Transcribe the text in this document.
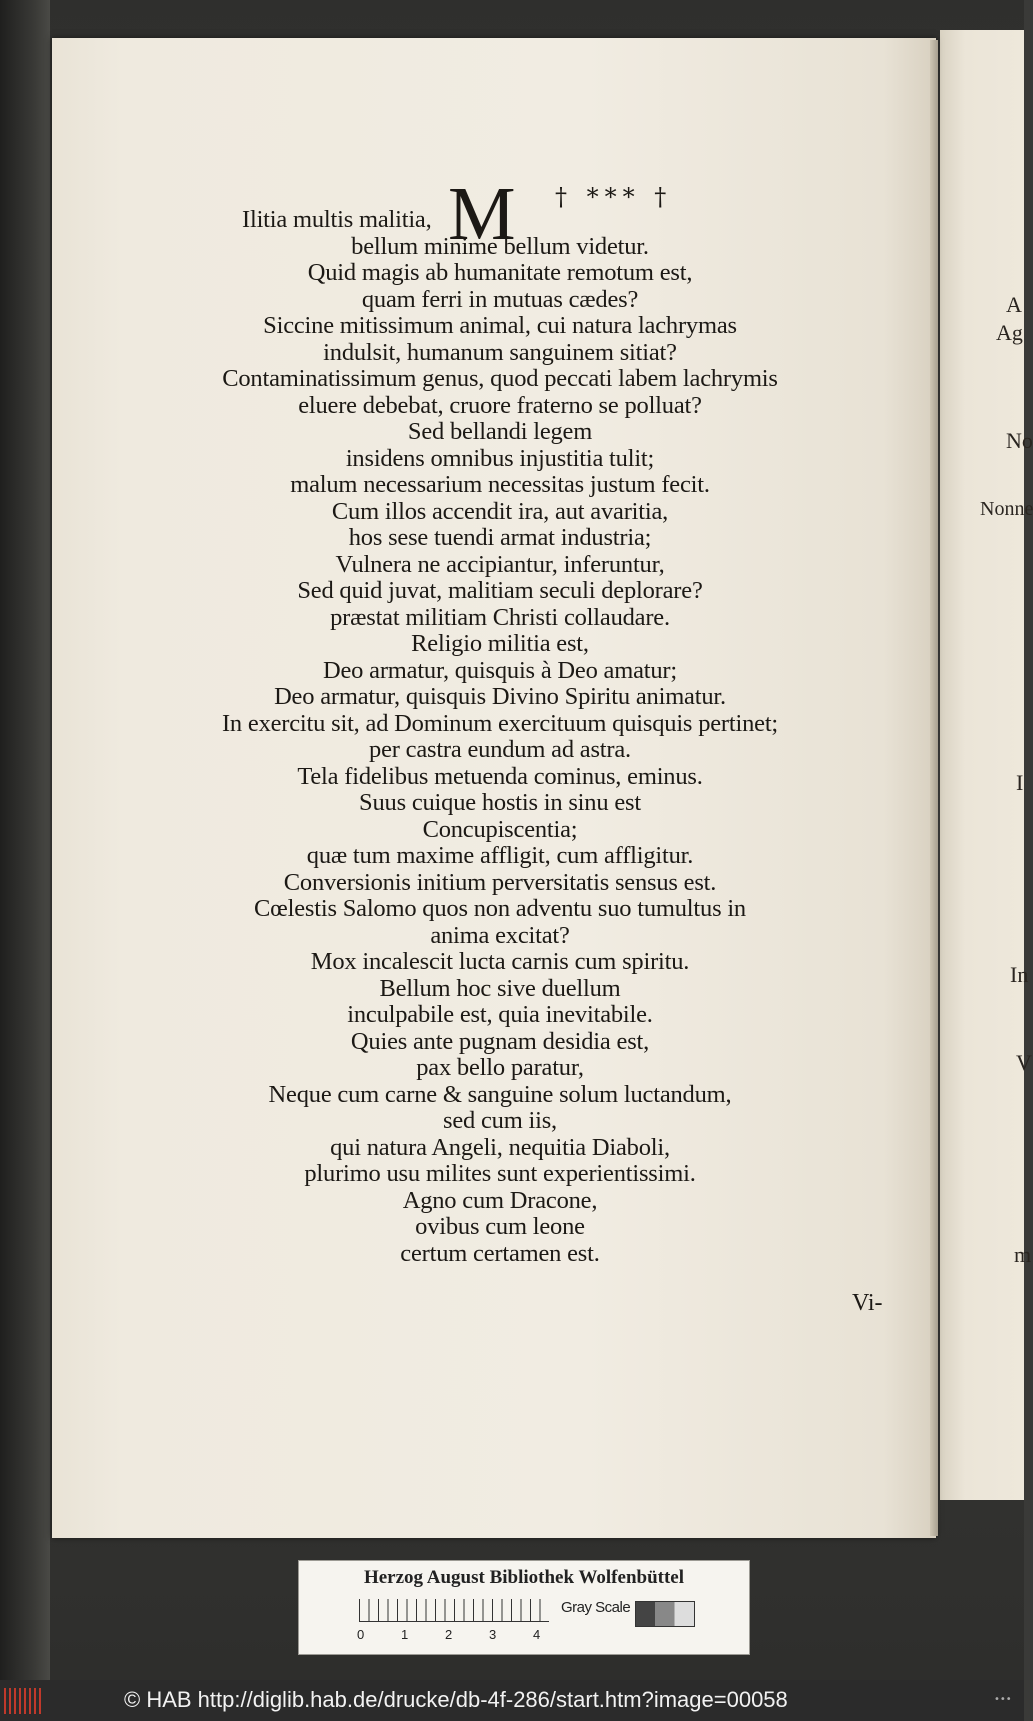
A
Ag
No
Nonne
I
In
V
m
† *** †
M
Ilitia multis malitia,
bellum minime bellum videtur.
Quid magis ab humanitate remotum est,
quam ferri in mutuas cædes?
Siccine mitissimum animal, cui natura lachrymas
indulsit, humanum sanguinem sitiat?
Contaminatissimum genus, quod peccati labem lachrymis
eluere debebat, cruore fraterno se polluat?
Sed bellandi legem
insidens omnibus injustitia tulit;
malum necessarium necessitas justum fecit.
Cum illos accendit ira, aut avaritia,
hos sese tuendi armat industria;
Vulnera ne accipiantur, inferuntur,
Sed quid juvat, malitiam seculi deplorare?
præstat militiam Christi collaudare.
Religio militia est,
Deo armatur, quisquis à Deo amatur;
Deo armatur, quisquis Divino Spiritu animatur.
In exercitu sit, ad Dominum exercituum quisquis pertinet;
per castra eundum ad astra.
Tela fidelibus metuenda cominus, eminus.
Suus cuique hostis in sinu est
Concupiscentia;
quæ tum maxime affligit, cum affligitur.
Conversionis initium perversitatis sensus est.
Cœlestis Salomo quos non adventu suo tumultus in
anima excitat?
Mox incalescit lucta carnis cum spiritu.
Bellum hoc sive duellum
inculpabile est, quia inevitabile.
Quies ante pugnam desidia est,
pax bello paratur,
Neque cum carne & sanguine solum luctandum,
sed cum iis,
qui natura Angeli, nequitia Diaboli,
plurimo usu milites sunt experientissimi.
Agno cum Dracone,
ovibus cum leone
certum certamen est.
Vi-
Herzog August Bibliothek Wolfenbüttel
0	1	2	3	4
Gray Scale
© HAB http://diglib.hab.de/drucke/db-4f-286/start.htm?image=00058	•••
